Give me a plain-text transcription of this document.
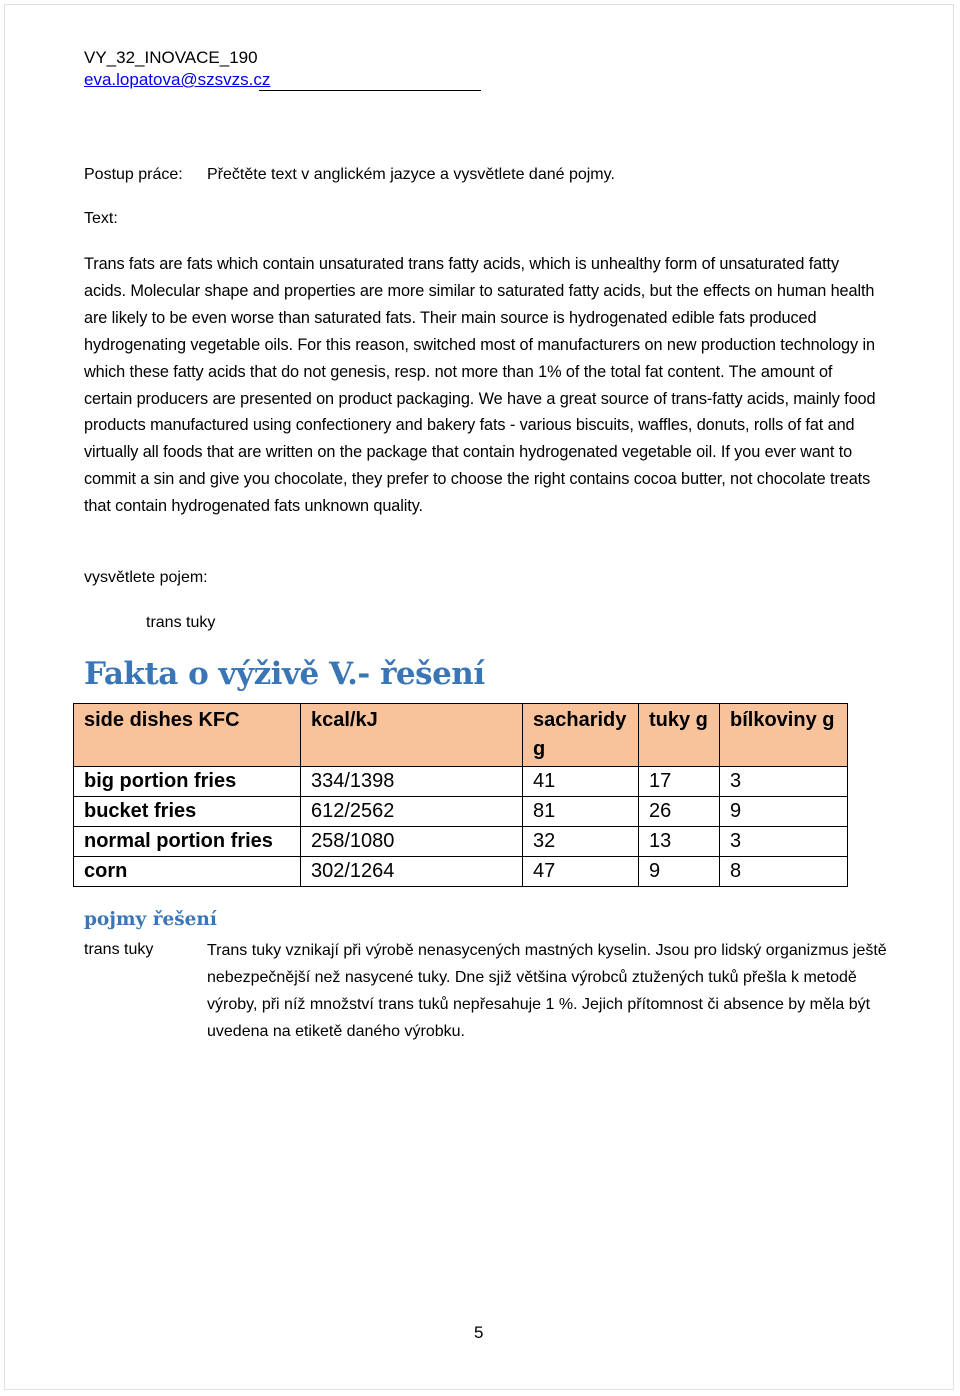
VY_32_INOVACE_190
eva.lopatova@szsvzs.cz
Postup práce: Přečtěte text v anglickém jazyce a vysvětlete dané pojmy.
Text:

Trans fats are fats which contain unsaturated trans fatty acids, which is unhealthy form of unsaturated fatty acids. Molecular shape and properties are more similar to saturated fatty acids, but the effects on human health are likely to be even worse than saturated fats. Their main source is hydrogenated edible fats produced hydrogenating vegetable oils. For this reason, switched most of manufacturers on new production technology in which these fatty acids that do not genesis, resp. not more than 1% of the total fat content. The amount of certain producers are presented on product packaging. We have a great source of trans-fatty acids, mainly food products manufactured using confectionery and bakery fats - various biscuits, waffles, donuts, rolls of fat and virtually all foods that are written on the package that contain hydrogenated vegetable oil. If you ever want to commit a sin and give you chocolate, they prefer to choose the right contains cocoa butter, not chocolate treats that contain hydrogenated fats unknown quality.

vysvětlete pojem:
trans tuky
Fakta o výživě V.- řešení
side dishes KFC	kcal/kJ	sacharidy g	tuky g	bílkoviny g
big portion fries	334/1398	41	17	3
bucket fries	612/2562	81	26	9
normal portion fries	258/1080	32	13	3
corn	302/1264	47	9	8
pojmy řešení
trans tuky	Trans tuky vznikají při výrobě nenasycených mastných kyselin. Jsou pro lidský organizmus ještě nebezpečnější než nasycené tuky. Dne sjiž většina výrobců ztužených tuků přešla k metodě výroby, při níž množství trans tuků nepřesahuje 1 %. Jejich přítomnost či absence by měla být uvedena na etiketě daného výrobku.

5
